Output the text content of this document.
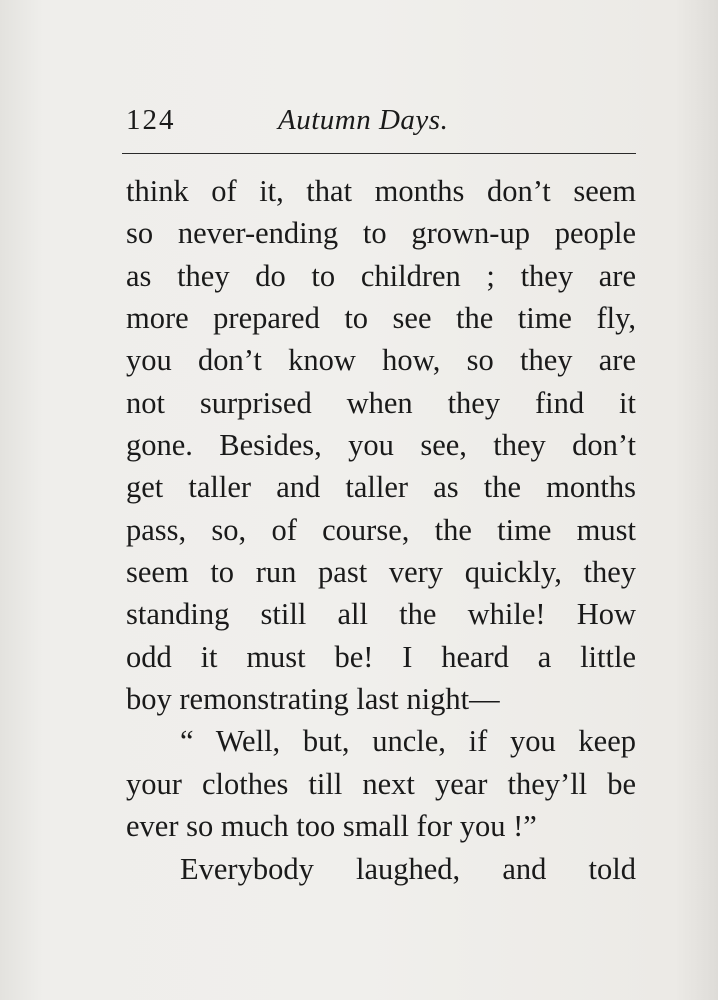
124	Autumn Days.
think of it, that months don’t seem
so never-ending to grown-up people
as they do to children ; they are
more prepared to see the time fly,
you don’t know how, so they are
not surprised when they find it
gone. Besides, you see, they don’t
get taller and taller as the months
pass, so, of course, the time must
seem to run past very quickly, they
standing still all the while! How
odd it must be! I heard a little
boy remonstrating last night—
“ Well, but, uncle, if you keep
your clothes till next year they’ll be
ever so much too small for you !”
Everybody laughed, and told
